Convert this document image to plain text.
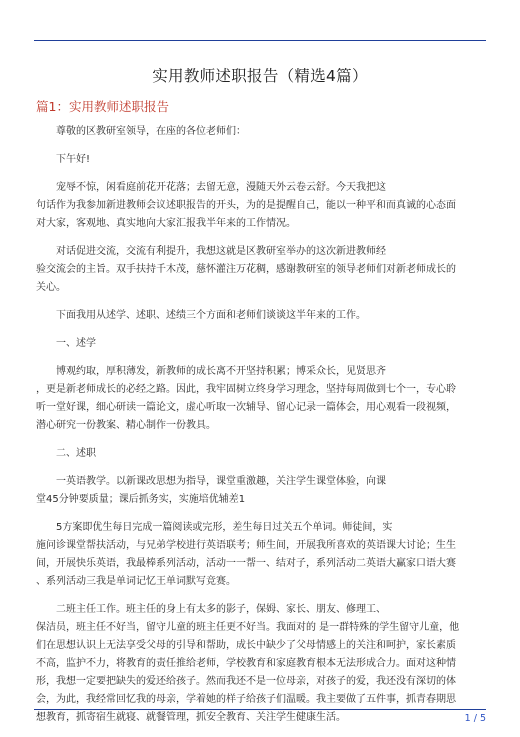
实用教师述职报告（精选4篇）
篇1：实用教师述职报告
尊敬的区教研室领导，在座的各位老师们：
下午好!
宠辱不惊，闲看庭前花开花落；去留无意，漫随天外云卷云舒。今天我把这
句话作为我参加新进教师会议述职报告的开头，为的是提醒自己，能以一种平和而真诚的心态面
对大家，客观地、真实地向大家汇报我半年来的工作情况。
对话促进交流，交流有利提升，我想这就是区教研室举办的这次新进教师经
验交流会的主旨。双手扶持千木茂，慈怀灌注万花稠，感谢教研室的领导老师们对新老师成长的
关心。
下面我用从述学、述职、述绩三个方面和老师们谈谈这半年来的工作。
一、述学
博观约取，厚积薄发，新教师的成长离不开坚持积累；博采众长，见贤思齐
，更是新老师成长的必经之路。因此，我牢固树立终身学习理念，坚持每周做到七个一，专心聆
听一堂好课，细心研读一篇论文，虚心听取一次辅导、留心记录一篇体会，用心观看一段视频，
潜心研究一份教案、精心制作一份教具。
二、述职
一英语教学。以新课改思想为指导，课堂重激趣，关注学生课堂体验，向课
堂45分钟要质量；课后抓务实，实施培优辅差1
5方案即优生每日完成一篇阅读或完形，差生每日过关五个单词。师徒间，实
施问诊课堂帮扶活动，与兄弟学校进行英语联考；师生间，开展我所喜欢的英语课大讨论；生生
间，开展快乐英语，我最棒系列活动，活动一一帮一、结对子，系列活动二英语大赢家口语大赛
、系列活动三我是单词记忆王单词默写竞赛。
二班主任工作。班主任的身上有太多的影子，保姆、家长、朋友、修理工、
保洁员，班主任不好当，留守儿童的班主任更不好当。我面对的 是一群特殊的学生留守儿童，他
们在思想认识上无法享受父母的引导和帮助，成长中缺少了父母情感上的关注和呵护，家长素质
不高，监护不力，将教育的责任推给老师，学校教育和家庭教育根本无法形成合力。面对这种情
形，我想一定要把缺失的爱还给孩子。然而我还不是一位母亲，对孩子的爱，我还没有深切的体
会，为此，我经常回忆我的母亲，学着她的样子给孩子们温暖。我主要做了五件事，抓青春期思
想教育，抓寄宿生就寝、就餐管理，抓安全教育、关注学生健康生活。	1 / 5
